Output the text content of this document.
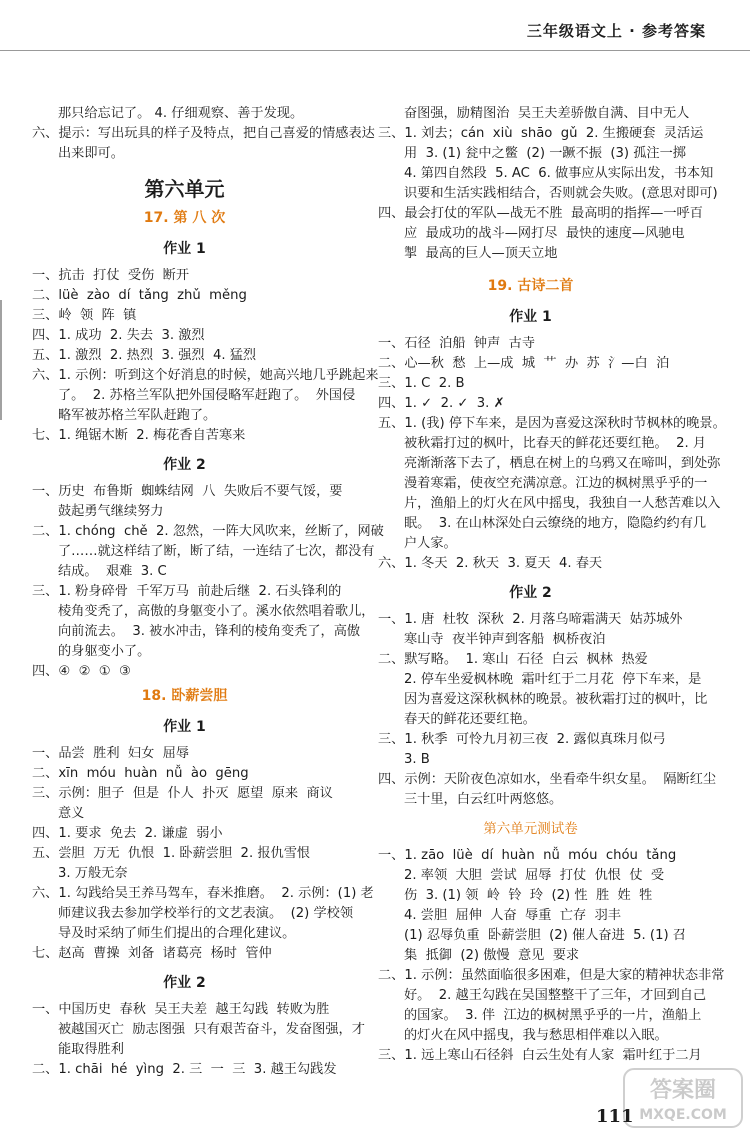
三年级语文上 · 参考答案
那只给忘记了。 4. 仔细观察、善于发现。
六、提示：写出玩具的样子及特点，把自己喜爱的情感表达
出来即可。
第六单元
17. 第 八 次
作业 1
一、抗击  打仗  受伤  断开
二、lüè  zào  dí  tǎng  zhǔ  měng
三、岭  领  阵  镇
四、1. 成功  2. 失去  3. 激烈
五、1. 激烈  2. 热烈  3. 强烈  4. 猛烈
六、1. 示例：听到这个好消息的时候，她高兴地几乎跳起来
了。  2. 苏格兰军队把外国侵略军赶跑了。  外国侵
略军被苏格兰军队赶跑了。
七、1. 绳锯木断  2. 梅花香自苦寒来
作业 2
一、历史  布鲁斯  蜘蛛结网  八  失败后不要气馁，要
鼓起勇气继续努力
二、1. chóng  chě  2. 忽然，一阵大风吹来，丝断了，网破
了……就这样结了断，断了结，一连结了七次，都没有
结成。  艰难  3. C
三、1. 粉身碎骨  千军万马  前赴后继  2. 石头锋利的
棱角变秃了，高傲的身躯变小了。溪水依然唱着歌儿，
向前流去。  3. 被水冲击，锋利的棱角变秃了，高傲
的身躯变小了。
四、④  ②  ①  ③
18. 卧薪尝胆
作业 1
一、品尝  胜利  妇女  屈辱
二、xīn  móu  huàn  nǚ  ào  gēng
三、示例：胆子  但是  仆人  扑灭  愿望  原来  商议
意义
四、1. 要求  免去  2. 谦虚  弱小
五、尝胆  万无  仇恨  1. 卧薪尝胆  2. 报仇雪恨
3. 万般无奈
六、1. 勾践给吴王养马驾车，春米推磨。  2. 示例：(1) 老
师建议我去参加学校举行的文艺表演。  (2) 学校领
导及时采纳了师生们提出的合理化建议。
七、赵高  曹操  刘备  诸葛亮  杨时  管仲
作业 2
一、中国历史  春秋  吴王夫差  越王勾践  转败为胜
被越国灭亡  励志图强  只有艰苦奋斗，发奋图强，才
能取得胜利
二、1. chāi  hé  yìng  2. 三  一  三  3. 越王勾践发
奋图强，励精图治  吴王夫差骄傲自满、目中无人
三、1. 刘去；cán  xiù  shāo  gǔ  2. 生搬硬套  灵活运
用  3. (1) 瓮中之鳖  (2) 一蹶不振  (3) 孤注一掷
4. 第四自然段  5. AC  6. 做事应从实际出发，书本知
识要和生活实践相结合，否则就会失败。(意思对即可)
四、最会打仗的军队—战无不胜  最高明的指挥—一呼百
应  最成功的战斗—网打尽  最快的速度—风驰电
掣  最高的巨人—顶天立地
19. 古诗二首
作业 1
一、石径  泊船  钟声  古寺
二、心—秋  愁  上—成  城  艹  办  苏  氵—白  泊
三、1. C  2. B
四、1. ✓  2. ✓  3. ✗
五、1. (我) 停下车来，是因为喜爱这深秋时节枫林的晚景。
被秋霜打过的枫叶，比春天的鲜花还要红艳。  2. 月
亮渐渐落下去了，栖息在树上的乌鸦又在啼叫，到处弥
漫着寒霜，使夜空充满凉意。江边的枫树黑乎乎的一
片，渔船上的灯火在风中摇曳，我独自一人愁苦难以入
眠。  3. 在山林深处白云缭绕的地方，隐隐约约有几
户人家。
六、1. 冬天  2. 秋天  3. 夏天  4. 春天
作业 2
一、1. 唐  杜牧  深秋  2. 月落乌啼霜满天  姑苏城外
寒山寺  夜半钟声到客船  枫桥夜泊
二、默写略。  1. 寒山  石径  白云  枫林  热爱
2. 停车坐爱枫林晚  霜叶红于二月花  停下车来，是
因为喜爱这深秋枫林的晚景。被秋霜打过的枫叶，比
春天的鲜花还要红艳。
三、1. 秋季  可怜九月初三夜  2. 露似真珠月似弓
3. B
四、示例：天阶夜色凉如水，坐看牵牛织女星。  隔断红尘
三十里，白云红叶两悠悠。
第六单元测试卷
一、1. zāo  lüè  dí  huàn  nǚ  móu  chóu  tǎng
2. 率领  大胆  尝试  屈辱  打仗  仇恨  仗  受
伤  3. (1) 领  岭  铃  玲  (2) 性  胜  姓  牲
4. 尝胆  屈伸  人奋  辱重  亡存  羽丰
(1) 忍辱负重  卧薪尝胆  (2) 催人奋进  5. (1) 召
集  抵御  (2) 傲慢  意见  要求
二、1. 示例：虽然面临很多困难，但是大家的精神状态非常
好。  2. 越王勾践在吴国整整干了三年，才回到自己
的国家。  3. 伴  江边的枫树黑乎乎的一片，渔船上
的灯火在风中摇曳，我与愁思相伴难以入眠。
三、1. 远上寒山石径斜  白云生处有人家  霜叶红于二月
111
答案圈
MXQE.COM
